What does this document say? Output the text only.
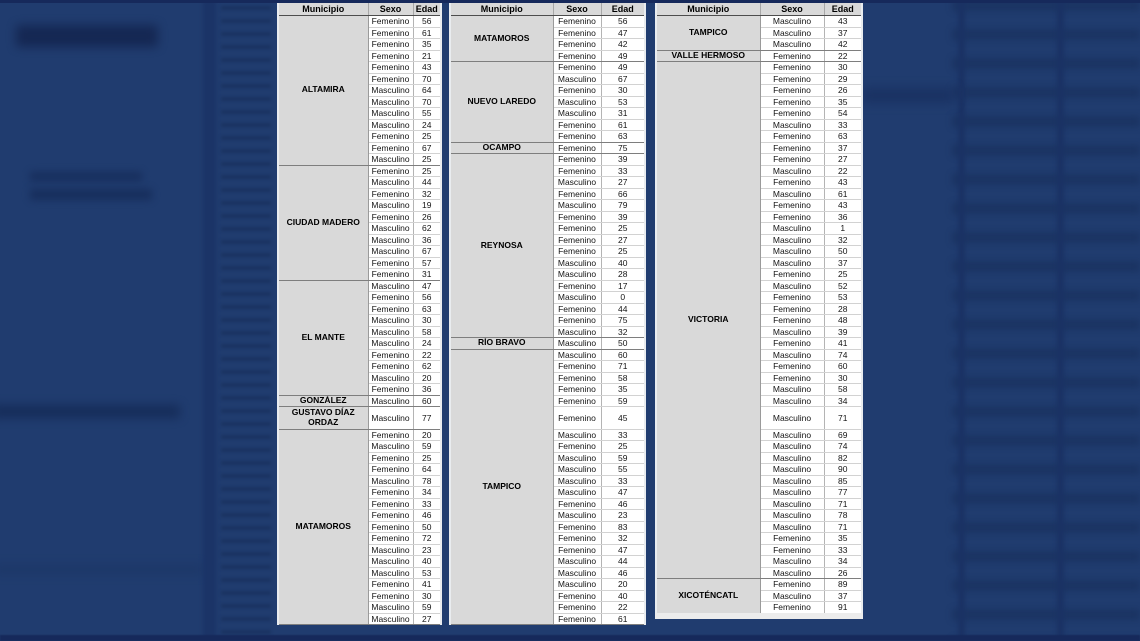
Municipio	Sexo	Edad
ALTAMIRA	Femenino	56
	Femenino	61
	Femenino	35
	Femenino	21
	Femenino	43
	Femenino	70
	Masculino	64
	Masculino	70
	Masculino	55
	Masculino	24
	Femenino	25
	Femenino	67
	Masculino	25
CIUDAD MADERO	Femenino	25
	Masculino	44
	Femenino	32
	Masculino	19
	Femenino	26
	Masculino	62
	Masculino	36
	Masculino	67
	Femenino	57
	Femenino	31
EL MANTE	Masculino	47
	Femenino	56
	Femenino	63
	Masculino	30
	Masculino	58
	Masculino	24
	Femenino	22
	Femenino	62
	Masculino	20
	Femenino	36
GONZÁLEZ	Masculino	60
GUSTAVO DÍAZ ORDAZ	Masculino	77
MATAMOROS	Femenino	20
	Masculino	59
	Femenino	25
	Femenino	64
	Masculino	78
	Femenino	34
	Femenino	33
	Femenino	46
	Femenino	50
	Femenino	72
	Masculino	23
	Masculino	40
	Masculino	53
	Femenino	41
	Femenino	30
	Masculino	59
	Masculino	27
Municipio	Sexo	Edad
MATAMOROS	Femenino	56
	Femenino	47
	Femenino	42
	Femenino	49
NUEVO LAREDO	Femenino	49
	Masculino	67
	Femenino	30
	Masculino	53
	Masculino	31
	Femenino	61
	Femenino	63
OCAMPO	Femenino	75
REYNOSA	Femenino	39
	Femenino	33
	Masculino	27
	Femenino	66
	Masculino	79
	Femenino	39
	Femenino	25
	Femenino	27
	Femenino	25
	Masculino	40
	Masculino	28
	Femenino	17
	Masculino	0
	Femenino	44
	Femenino	75
	Masculino	32
RÍO BRAVO	Masculino	50
TAMPICO	Masculino	60
	Femenino	71
	Femenino	58
	Femenino	35
	Femenino	59
	Femenino	45
	Masculino	33
	Femenino	25
	Masculino	59
	Masculino	55
	Masculino	33
	Masculino	47
	Femenino	46
	Masculino	23
	Femenino	83
	Femenino	32
	Femenino	47
	Masculino	44
	Masculino	46
	Masculino	20
	Femenino	40
	Femenino	22
	Femenino	61
Municipio	Sexo	Edad
TAMPICO	Masculino	43
	Masculino	37
	Masculino	42
VALLE HERMOSO	Femenino	22
VICTORIA	Femenino	30
	Femenino	29
	Femenino	26
	Femenino	35
	Femenino	54
	Masculino	33
	Femenino	63
	Femenino	37
	Femenino	27
	Masculino	22
	Femenino	43
	Masculino	61
	Femenino	43
	Femenino	36
	Masculino	1
	Masculino	32
	Masculino	50
	Masculino	37
	Femenino	25
	Masculino	52
	Femenino	53
	Femenino	28
	Femenino	48
	Masculino	39
	Femenino	41
	Masculino	74
	Femenino	60
	Femenino	30
	Masculino	58
	Masculino	34
	Masculino	71
	Masculino	69
	Masculino	74
	Masculino	82
	Masculino	90
	Masculino	85
	Masculino	77
	Masculino	71
	Masculino	78
	Masculino	71
	Femenino	35
	Femenino	33
	Masculino	34
	Masculino	26
XICOTÉNCATL	Femenino	89
	Masculino	37
	Femenino	91
